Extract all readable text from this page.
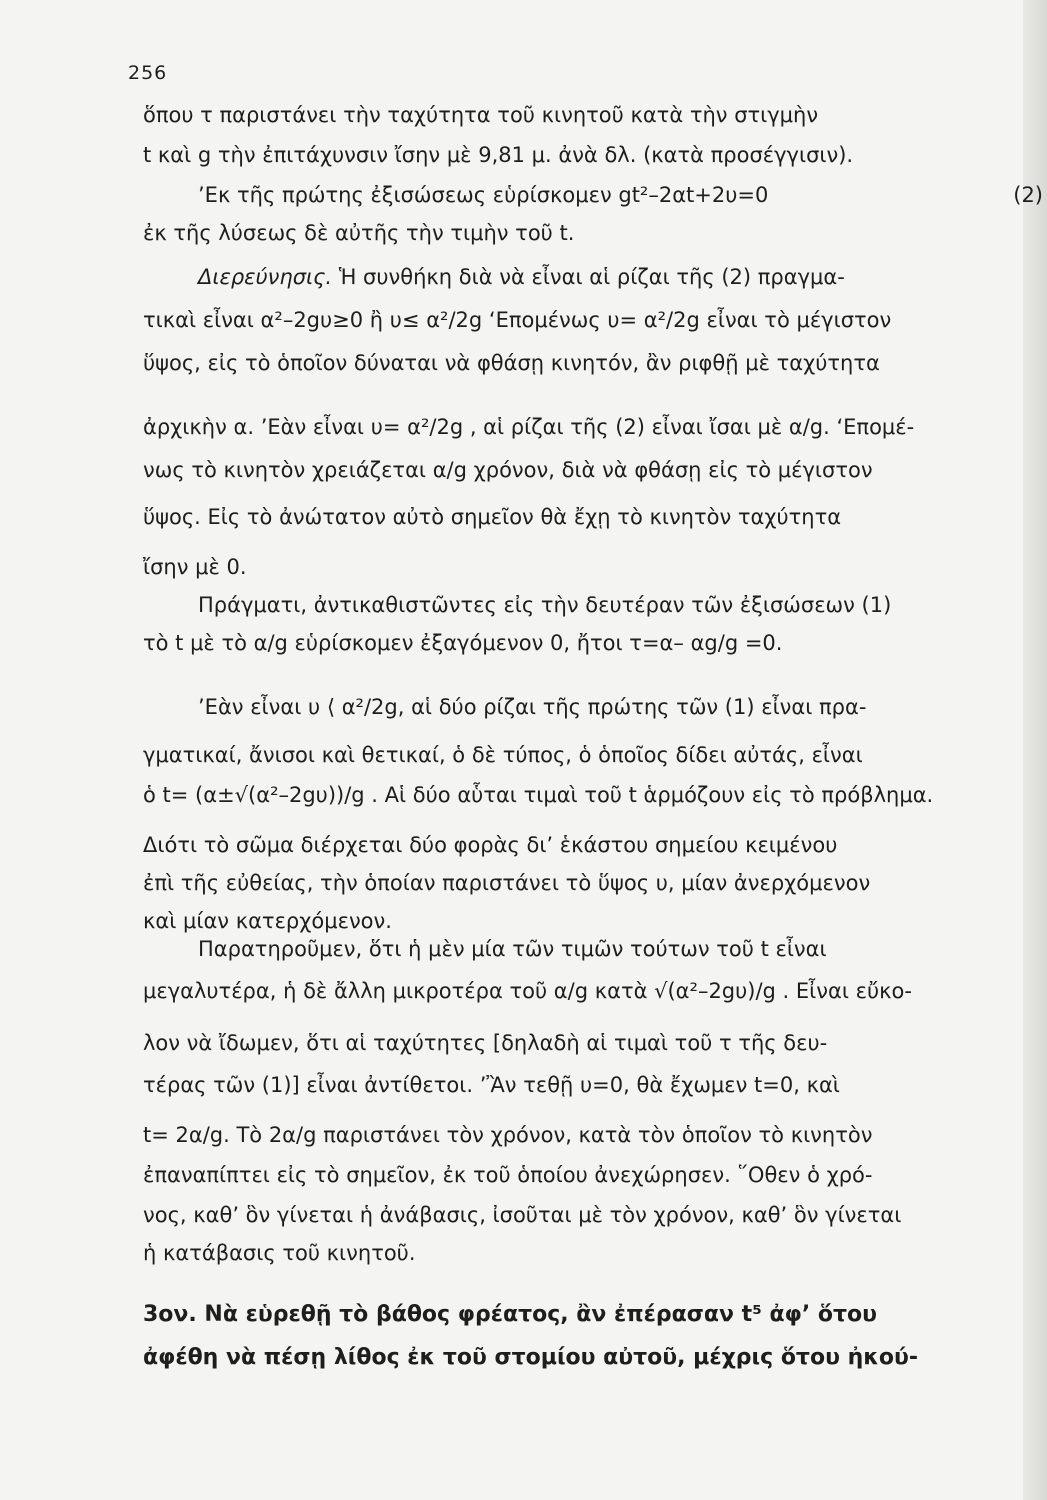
256
ὅπου τ παριστάνει τὴν ταχύτητα τοῦ κινητοῦ κατὰ τὴν στιγμὴν
t καὶ g τὴν ἐπιτάχυνσιν ἴσην μὲ 9,81 μ. ἀνὰ δλ. (κατὰ προσέγγισιν).
’Εκ τῆς πρώτης ἐξισώσεως εὑρίσκομεν gt²–2αt+2υ=0	(2)
ἐκ τῆς λύσεως δὲ αὐτῆς τὴν τιμὴν τοῦ t.
Διερεύνησις. Ἡ συνθήκη διὰ νὰ εἶναι αἱ ρίζαι τῆς (2) πραγμα-
τικαὶ εἶναι α²–2gυ≥0 ἢ υ≤ α²/2g ‘Επομένως υ= α²/2g εἶναι τὸ μέγιστον
ὕψος, εἰς τὸ ὁποῖον δύναται νὰ φθάσῃ κινητόν, ἂν ριφθῇ μὲ ταχύτητα
ἀρχικὴν α. ’Εὰν εἶναι υ= α²/2g , αἱ ρίζαι τῆς (2) εἶναι ἴσαι μὲ α/g. ‘Επομέ-
νως τὸ κινητὸν χρειάζεται α/g χρόνον, διὰ νὰ φθάσῃ εἰς τὸ μέγιστον
ὕψος. Εἰς τὸ ἀνώτατον αὐτὸ σημεῖον θὰ ἔχῃ τὸ κινητὸν ταχύτητα
ἴσην μὲ 0.
Πράγματι, ἀντικαθιστῶντες εἰς τὴν δευτέραν τῶν ἐξισώσεων (1)
τὸ t μὲ τὸ α/g εὑρίσκομεν ἐξαγόμενον 0, ἤτοι τ=α– αg/g =0.
’Εὰν εἶναι υ ⟨ α²/2g, αἱ δύο ρίζαι τῆς πρώτης τῶν (1) εἶναι πρα-
γματικαί, ἄνισοι καὶ θετικαί, ὁ δὲ τύπος, ὁ ὁποῖος δίδει αὐτάς, εἶναι
ὁ t= (α±√(α²–2gυ))/g . Αἱ δύο αὗται τιμαὶ τοῦ t ἁρμόζουν εἰς τὸ πρόβλημα.
Διότι τὸ σῶμα διέρχεται δύο φορὰς δι’ ἑκάστου σημείου κειμένου
ἐπὶ τῆς εὐθείας, τὴν ὁποίαν παριστάνει τὸ ὕψος υ, μίαν ἀνερχόμενον
καὶ μίαν κατερχόμενον.
Παρατηροῦμεν, ὅτι ἡ μὲν μία τῶν τιμῶν τούτων τοῦ t εἶναι
μεγαλυτέρα, ἡ δὲ ἄλλη μικροτέρα τοῦ α/g κατὰ √(α²–2gυ)/g . Εἶναι εὔκο-
λον νὰ ἴδωμεν, ὅτι αἱ ταχύτητες [δηλαδὴ αἱ τιμαὶ τοῦ τ τῆς δευ-
τέρας τῶν (1)] εἶναι ἀντίθετοι. ’Ἂν τεθῇ υ=0, θὰ ἔχωμεν t=0, καὶ
t= 2α/g. Τὸ 2α/g παριστάνει τὸν χρόνον, κατὰ τὸν ὁποῖον τὸ κινητὸν
ἐπαναπίπτει εἰς τὸ σημεῖον, ἐκ τοῦ ὁποίου ἀνεχώρησεν. ῞Οθεν ὁ χρό-
νος, καθ’ ὃν γίνεται ἡ ἀνάβασις, ἰσοῦται μὲ τὸν χρόνον, καθ’ ὃν γίνεται
ἡ κατάβασις τοῦ κινητοῦ.
3ον. Νὰ εὑρεθῇ τὸ βάθος φρέατος, ἂν ἐπέρασαν t⁵ ἀφ’ ὅτου
ἀφέθη νὰ πέσῃ λίθος ἐκ τοῦ στομίου αὐτοῦ, μέχρις ὅτου ἠκού-
